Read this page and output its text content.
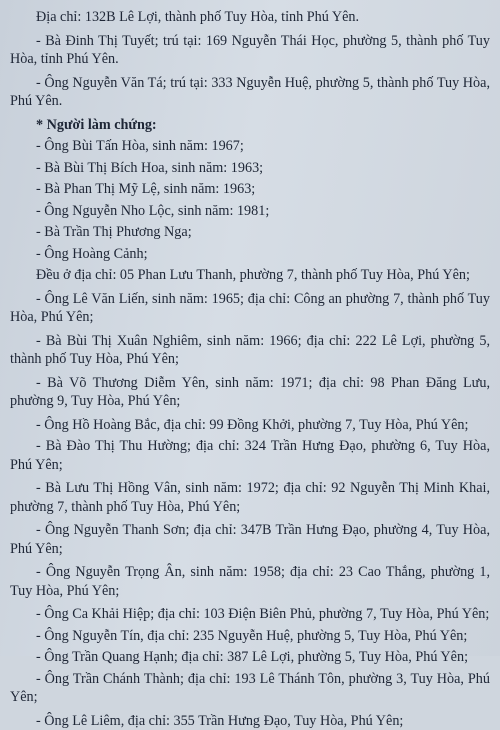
Địa chỉ: 132B Lê Lợi, thành phố Tuy Hòa, tỉnh Phú Yên.

- Bà Đinh Thị Tuyết; trú tại: 169 Nguyễn Thái Học, phường 5, thành phố Tuy Hòa, tỉnh Phú Yên.

- Ông Nguyễn Văn Tá; trú tại: 333 Nguyễn Huệ, phường 5, thành phố Tuy Hòa, Phú Yên.

* Người làm chứng:

- Ông Bùi Tấn Hòa, sinh năm: 1967;

- Bà Bùi Thị Bích Hoa, sinh năm: 1963;

- Bà Phan Thị Mỹ Lệ, sinh năm: 1963;

- Ông Nguyễn Nho Lộc, sinh năm: 1981;

- Bà Trần Thị Phương Nga;

- Ông Hoàng Cảnh;

Đều ở địa chỉ: 05 Phan Lưu Thanh, phường 7, thành phố Tuy Hòa, Phú Yên;

- Ông Lê Văn Liến, sinh năm: 1965; địa chỉ: Công an phường 7, thành phố Tuy Hòa, Phú Yên;

- Bà Bùi Thị Xuân Nghiêm, sinh năm: 1966; địa chỉ: 222 Lê Lợi, phường 5, thành phố Tuy Hòa, Phú Yên;

- Bà Võ Thương Diễm Yên, sinh năm: 1971; địa chỉ: 98 Phan Đăng Lưu, phường 9, Tuy Hòa, Phú Yên;

- Ông Hồ Hoàng Bắc, địa chỉ: 99 Đồng Khởi, phường 7, Tuy Hòa, Phú Yên;

- Bà Đào Thị Thu Hường; địa chỉ: 324 Trần Hưng Đạo, phường 6, Tuy Hòa, Phú Yên;

- Bà Lưu Thị Hồng Vân, sinh năm: 1972; địa chỉ: 92 Nguyễn Thị Minh Khai, phường 7, thành phố Tuy Hòa, Phú Yên;

- Ông Nguyễn Thanh Sơn; địa chỉ: 347B Trần Hưng Đạo, phường 4, Tuy Hòa, Phú Yên;

- Ông Nguyễn Trọng Ân, sinh năm: 1958; địa chỉ: 23 Cao Thắng, phường 1, Tuy Hòa, Phú Yên;

- Ông Ca Khải Hiệp; địa chỉ: 103 Điện Biên Phủ, phường 7, Tuy Hòa, Phú Yên;

- Ông Nguyễn Tín, địa chỉ: 235 Nguyễn Huệ, phường 5, Tuy Hòa, Phú Yên;

- Ông Trần Quang Hạnh; địa chỉ: 387 Lê Lợi, phường 5, Tuy Hòa, Phú Yên;

- Ông Trần Chánh Thành; địa chỉ: 193 Lê Thánh Tôn, phường 3, Tuy Hòa, Phú Yên;

- Ông Lê Liêm, địa chỉ: 355 Trần Hưng Đạo, Tuy Hòa, Phú Yên;
